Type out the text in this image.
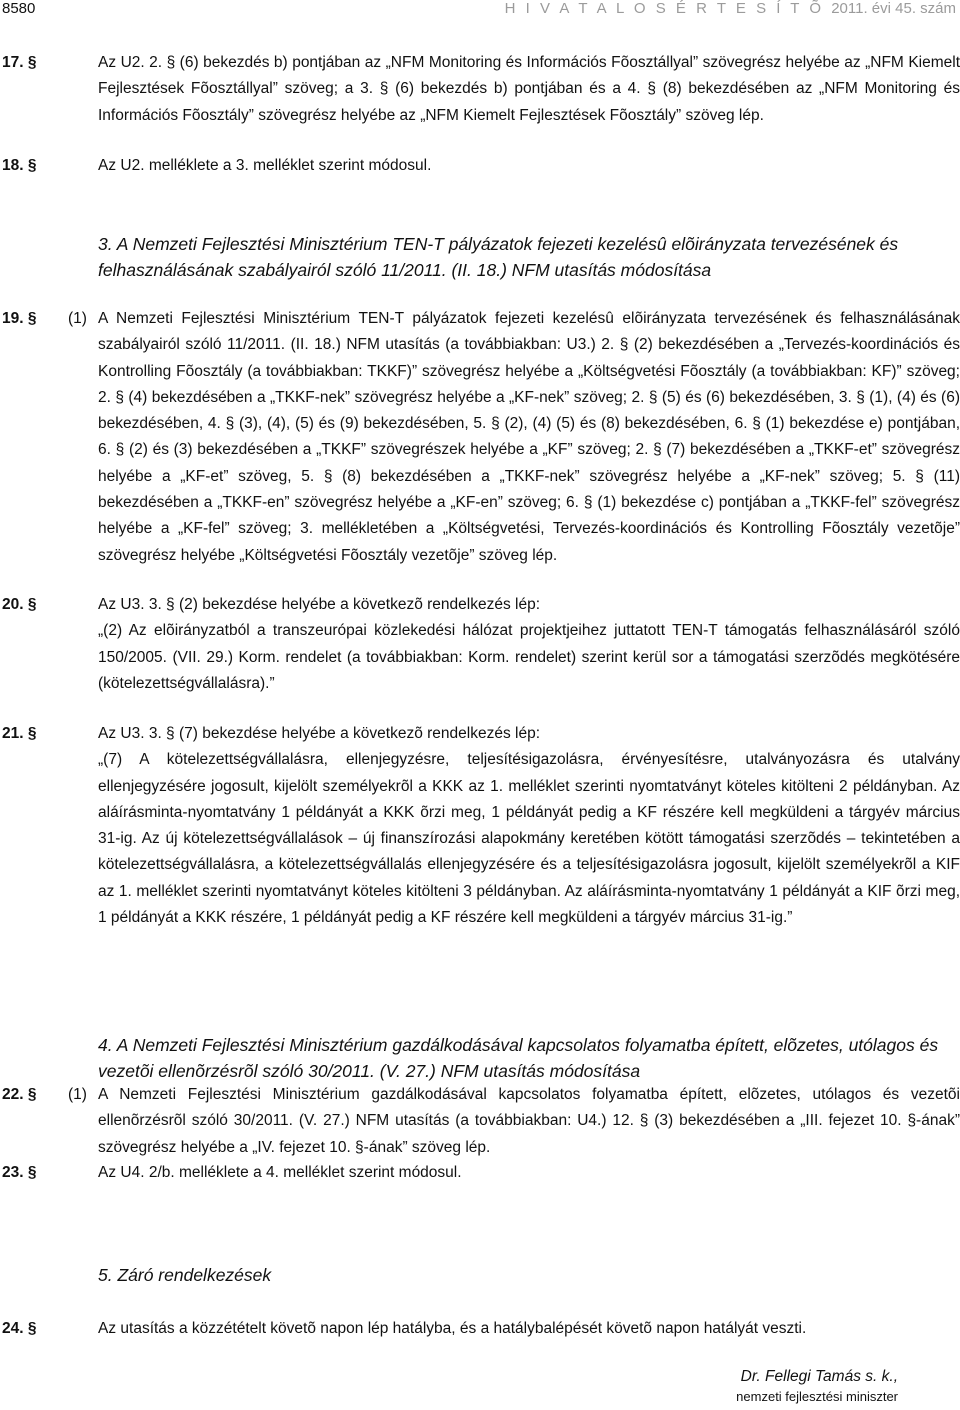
8580	H I V A T A L O S É R T E S Í T Õ 2011. évi 45. szám
17. §	Az U2. 2. § (6) bekezdés b) pontjában az „NFM Monitoring és Információs Fõosztállyal” szövegrész helyébe az „NFM Kiemelt Fejlesztések Fõosztállyal” szöveg; a 3. § (6) bekezdés b) pontjában és a 4. § (8) bekezdésében az „NFM Monitoring és Információs Fõosztály” szövegrész helyébe az „NFM Kiemelt Fejlesztések Fõosztály” szöveg lép.
18. §	Az U2. melléklete a 3. melléklet szerint módosul.
3. A Nemzeti Fejlesztési Minisztérium TEN-T pályázatok fejezeti kezelésû elõirányzata tervezésének és felhasználásának szabályairól szóló 11/2011. (II. 18.) NFM utasítás módosítása
19. § (1) A Nemzeti Fejlesztési Minisztérium TEN-T pályázatok fejezeti kezelésû elõirányzata tervezésének és felhasználásának szabályairól szóló 11/2011. (II. 18.) NFM utasítás (a továbbiakban: U3.) 2. § (2) bekezdésében a „Tervezés-koordinációs és Kontrolling Fõosztály (a továbbiakban: TKKF)” szövegrész helyébe a „Költségvetési Fõosztály (a továbbiakban: KF)” szöveg; 2. § (4) bekezdésében a „TKKF-nek” szövegrész helyébe a „KF-nek” szöveg; 2. § (5) és (6) bekezdésében, 3. § (1), (4) és (6) bekezdésében, 4. § (3), (4), (5) és (9) bekezdésében, 5. § (2), (4) (5) és (8) bekezdésében, 6. § (1) bekezdése e) pontjában, 6. § (2) és (3) bekezdésében a „TKKF” szövegrészek helyébe a „KF” szöveg; 2. § (7) bekezdésében a „TKKF-et” szövegrész helyébe a „KF-et” szöveg, 5. § (8) bekezdésében a „TKKF-nek” szövegrész helyébe a „KF-nek” szöveg; 5. § (11) bekezdésében a „TKKF-en” szövegrész helyébe a „KF-en” szöveg; 6. § (1) bekezdése c) pontjában a „TKKF-fel” szövegrész helyébe a „KF-fel” szöveg; 3. mellékletében a „Költségvetési, Tervezés-koordinációs és Kontrolling Fõosztály vezetõje” szövegrész helyébe „Költségvetési Fõosztály vezetõje” szöveg lép.
20. §	Az U3. 3. § (2) bekezdése helyébe a következõ rendelkezés lép:

„(2) Az elõirányzatból a transzeurópai közlekedési hálózat projektjeihez juttatott TEN-T támogatás felhasználásáról szóló 150/2005. (VII. 29.) Korm. rendelet (a továbbiakban: Korm. rendelet) szerint kerül sor a támogatási szerzõdés megkötésére (kötelezettségvállalásra).”

21. §	Az U3. 3. § (7) bekezdése helyébe a következõ rendelkezés lép:

„(7) A kötelezettségvállalásra, ellenjegyzésre, teljesítésigazolásra, érvényesítésre, utalványozásra és utalvány ellenjegyzésére jogosult, kijelölt személyekrõl a KKK az 1. melléklet szerinti nyomtatványt köteles kitölteni 2 példányban. Az aláírásminta-nyomtatvány 1 példányát a KKK õrzi meg, 1 példányát pedig a KF részére kell megküldeni a tárgyév március 31-ig. Az új kötelezettségvállalások – új finanszírozási alapokmány keretében kötött támogatási szerzõdés – tekintetében a kötelezettségvállalásra, a kötelezettségvállalás ellenjegyzésére és a teljesítésigazolásra jogosult, kijelölt személyekrõl a KIF az 1. melléklet szerinti nyomtatványt köteles kitölteni 3 példányban. Az aláírásminta-nyomtatvány 1 példányát a KIF õrzi meg, 1 példányát a KKK részére, 1 példányát pedig a KF részére kell megküldeni a tárgyév március 31-ig.”

4. A Nemzeti Fejlesztési Minisztérium gazdálkodásával kapcsolatos folyamatba épített, elõzetes, utólagos és vezetõi ellenõrzésrõl szóló 30/2011. (V. 27.) NFM utasítás módosítása
22. § (1) A Nemzeti Fejlesztési Minisztérium gazdálkodásával kapcsolatos folyamatba épített, elõzetes, utólagos és vezetõi ellenõrzésrõl szóló 30/2011. (V. 27.) NFM utasítás (a továbbiakban: U4.) 12. § (3) bekezdésében a „III. fejezet 10. §-ának” szövegrész helyébe a „IV. fejezet 10. §-ának” szöveg lép.
23. §	Az U4. 2/b. melléklete a 4. melléklet szerint módosul.
5. Záró rendelkezések
24. §	Az utasítás a közzétételt követõ napon lép hatályba, és a hatálybalépését követõ napon hatályát veszti.
Dr. Fellegi Tamás s. k.,
nemzeti fejlesztési miniszter
